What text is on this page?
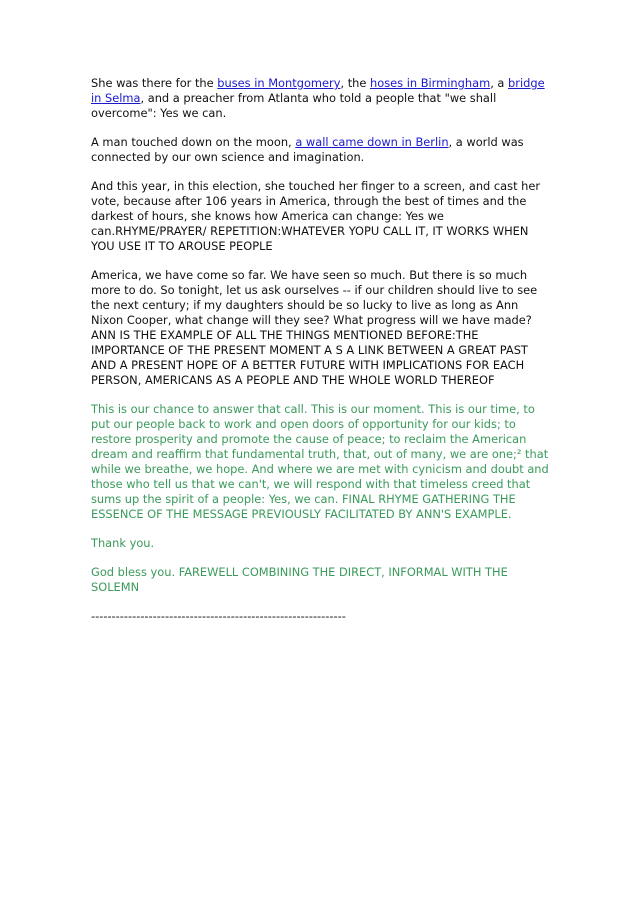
She was there for the buses in Montgomery, the hoses in Birmingham, a bridge in Selma, and a preacher from Atlanta who told a people that "we shall overcome": Yes we can.

A man touched down on the moon, a wall came down in Berlin, a world was connected by our own science and imagination.

And this year, in this election, she touched her finger to a screen, and cast her vote, because after 106 years in America, through the best of times and the darkest of hours, she knows how America can change: Yes we can.RHYME/PRAYER/ REPETITION:WHATEVER YOPU CALL IT, IT WORKS WHEN YOU USE IT TO AROUSE PEOPLE

America, we have come so far. We have seen so much. But there is so much more to do. So tonight, let us ask ourselves -- if our children should live to see the next century; if my daughters should be so lucky to live as long as Ann Nixon Cooper, what change will they see? What progress will we have made?ANN IS THE EXAMPLE OF ALL THE THINGS MENTIONED BEFORE:THE IMPORTANCE OF THE PRESENT MOMENT A S A LINK BETWEEN A GREAT PAST AND A PRESENT HOPE OF A BETTER FUTURE WITH IMPLICATIONS FOR EACH PERSON, AMERICANS AS A PEOPLE AND THE WHOLE WORLD THEREOF

This is our chance to answer that call. This is our moment. This is our time, to put our people back to work and open doors of opportunity for our kids; to restore prosperity and promote the cause of peace; to reclaim the American dream and reaffirm that fundamental truth, that, out of many, we are one;² that while we breathe, we hope. And where we are met with cynicism and doubt and those who tell us that we can't, we will respond with that timeless creed that sums up the spirit of a people: Yes, we can. FINAL RHYME GATHERING THE ESSENCE OF THE MESSAGE PREVIOUSLY FACILITATED BY ANN'S EXAMPLE.

Thank you.

God bless you. FAREWELL COMBINING THE DIRECT, INFORMAL WITH THE SOLEMN

--------------------------------------------------------------
